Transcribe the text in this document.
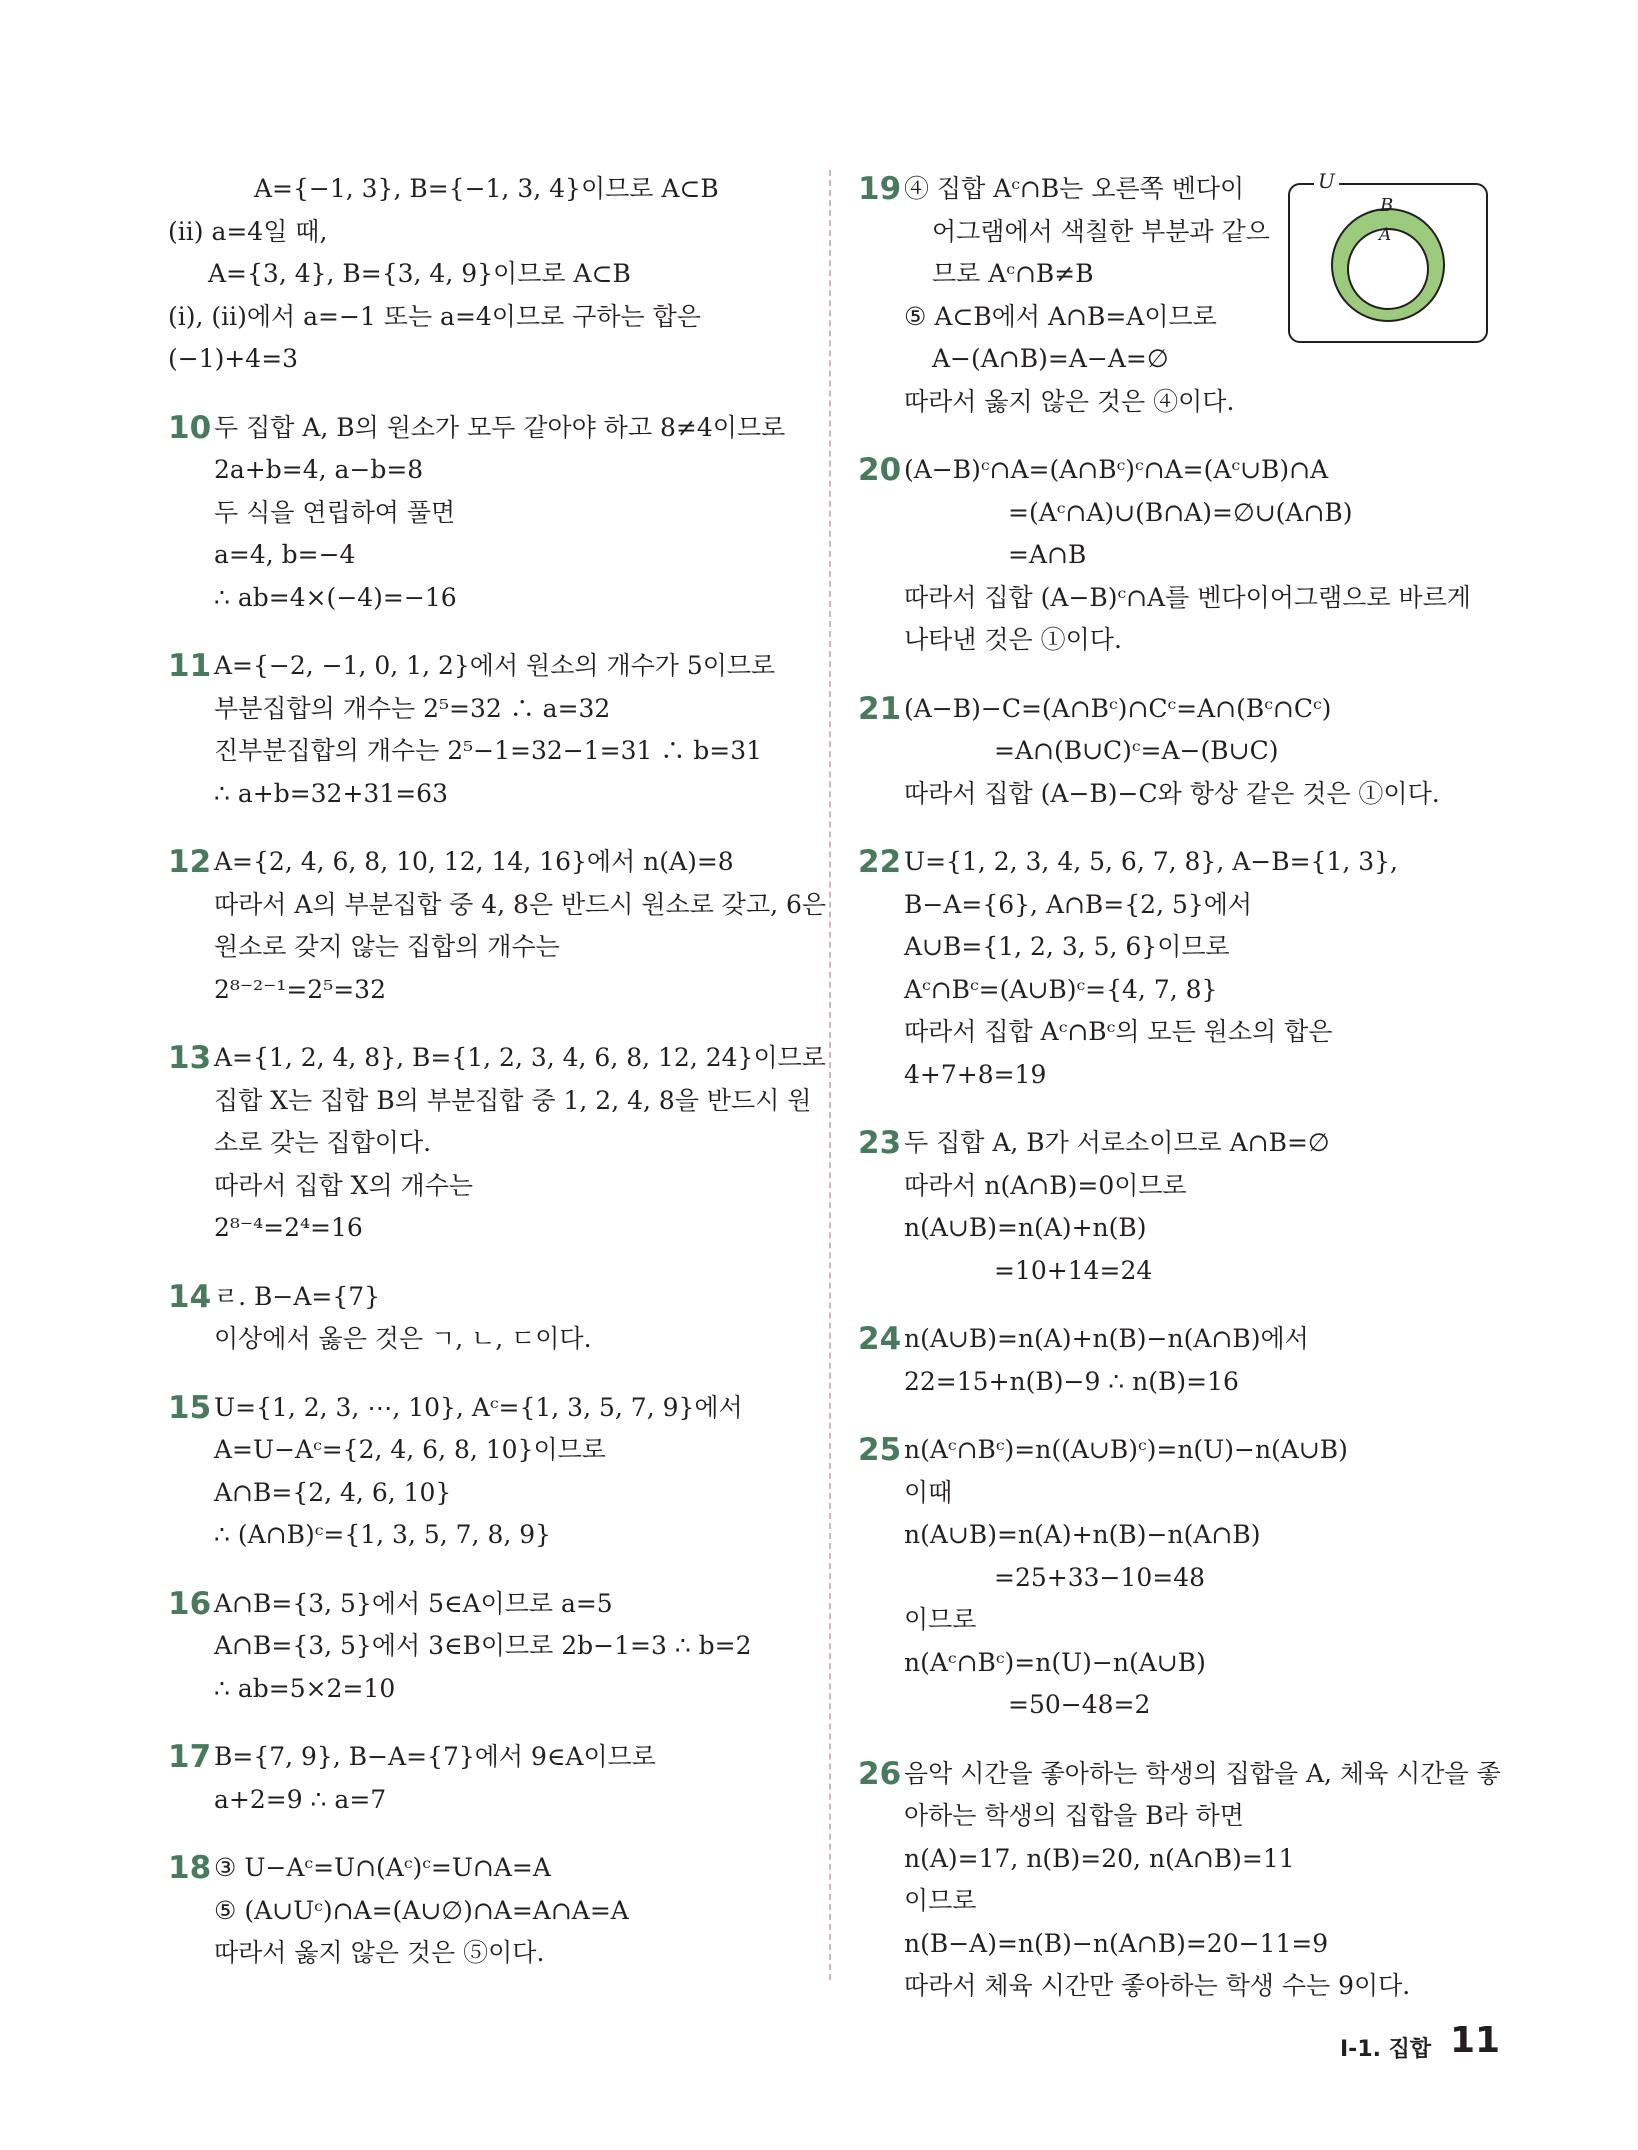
A={−1, 3}, B={−1, 3, 4}이므로 A⊂B
(ⅱ) a=4일 때,
A={3, 4}, B={3, 4, 9}이므로 A⊂B
(ⅰ), (ⅱ)에서 a=−1 또는 a=4이므로 구하는 합은
(−1)+4=3
10 두 집합 A, B의 원소가 모두 같아야 하고 8≠4이므로
2a+b=4, a−b=8
두 식을 연립하여 풀면
a=4, b=−4
∴ ab=4×(−4)=−16
11 A={−2, −1, 0, 1, 2}에서 원소의 개수가 5이므로
부분집합의 개수는 2⁵=32 ∴ a=32
진부분집합의 개수는 2⁵−1=32−1=31 ∴ b=31
∴ a+b=32+31=63
12 A={2, 4, 6, 8, 10, 12, 14, 16}에서 n(A)=8
따라서 A의 부분집합 중 4, 8은 반드시 원소로 갖고, 6은
원소로 갖지 않는 집합의 개수는
2⁸⁻²⁻¹=2⁵=32
13 A={1, 2, 4, 8}, B={1, 2, 3, 4, 6, 8, 12, 24}이므로
집합 X는 집합 B의 부분집합 중 1, 2, 4, 8을 반드시 원
소로 갖는 집합이다.
따라서 집합 X의 개수는
2⁸⁻⁴=2⁴=16
14 ㄹ. B−A={7}
이상에서 옳은 것은 ㄱ, ㄴ, ㄷ이다.
15 U={1, 2, 3, ⋯, 10}, Aᶜ={1, 3, 5, 7, 9}에서
A=U−Aᶜ={2, 4, 6, 8, 10}이므로
A∩B={2, 4, 6, 10}
∴ (A∩B)ᶜ={1, 3, 5, 7, 8, 9}
16 A∩B={3, 5}에서 5∈A이므로 a=5
A∩B={3, 5}에서 3∈B이므로 2b−1=3 ∴ b=2
∴ ab=5×2=10
17 B={7, 9}, B−A={7}에서 9∈A이므로
a+2=9 ∴ a=7
18 ③ U−Aᶜ=U∩(Aᶜ)ᶜ=U∩A=A
⑤ (A∪Uᶜ)∩A=(A∪∅)∩A=A∩A=A
따라서 옳지 않은 것은 ⑤이다.
19 ④ 집합 Aᶜ∩B는 오른쪽 벤다이
어그램에서 색칠한 부분과 같으
므로 Aᶜ∩B≠B
⑤ A⊂B에서 A∩B=A이므로
A−(A∩B)=A−A=∅
따라서 옳지 않은 것은 ④이다.
20 (A−B)ᶜ∩A=(A∩Bᶜ)ᶜ∩A=(Aᶜ∪B)∩A
=(Aᶜ∩A)∪(B∩A)=∅∪(A∩B)
=A∩B
따라서 집합 (A−B)ᶜ∩A를 벤다이어그램으로 바르게
나타낸 것은 ①이다.
21 (A−B)−C=(A∩Bᶜ)∩Cᶜ=A∩(Bᶜ∩Cᶜ)
=A∩(B∪C)ᶜ=A−(B∪C)
따라서 집합 (A−B)−C와 항상 같은 것은 ①이다.
22 U={1, 2, 3, 4, 5, 6, 7, 8}, A−B={1, 3},
B−A={6}, A∩B={2, 5}에서
A∪B={1, 2, 3, 5, 6}이므로
Aᶜ∩Bᶜ=(A∪B)ᶜ={4, 7, 8}
따라서 집합 Aᶜ∩Bᶜ의 모든 원소의 합은
4+7+8=19
23 두 집합 A, B가 서로소이므로 A∩B=∅
따라서 n(A∩B)=0이므로
n(A∪B)=n(A)+n(B)
=10+14=24
24 n(A∪B)=n(A)+n(B)−n(A∩B)에서
22=15+n(B)−9 ∴ n(B)=16
25 n(Aᶜ∩Bᶜ)=n((A∪B)ᶜ)=n(U)−n(A∪B)
이때
n(A∪B)=n(A)+n(B)−n(A∩B)
=25+33−10=48
이므로
n(Aᶜ∩Bᶜ)=n(U)−n(A∪B)
=50−48=2
26 음악 시간을 좋아하는 학생의 집합을 A, 체육 시간을 좋
아하는 학생의 집합을 B라 하면
n(A)=17, n(B)=20, n(A∩B)=11
이므로
n(B−A)=n(B)−n(A∩B)=20−11=9
따라서 체육 시간만 좋아하는 학생 수는 9이다.
U
B
A
Ⅰ-1. 집합 11
